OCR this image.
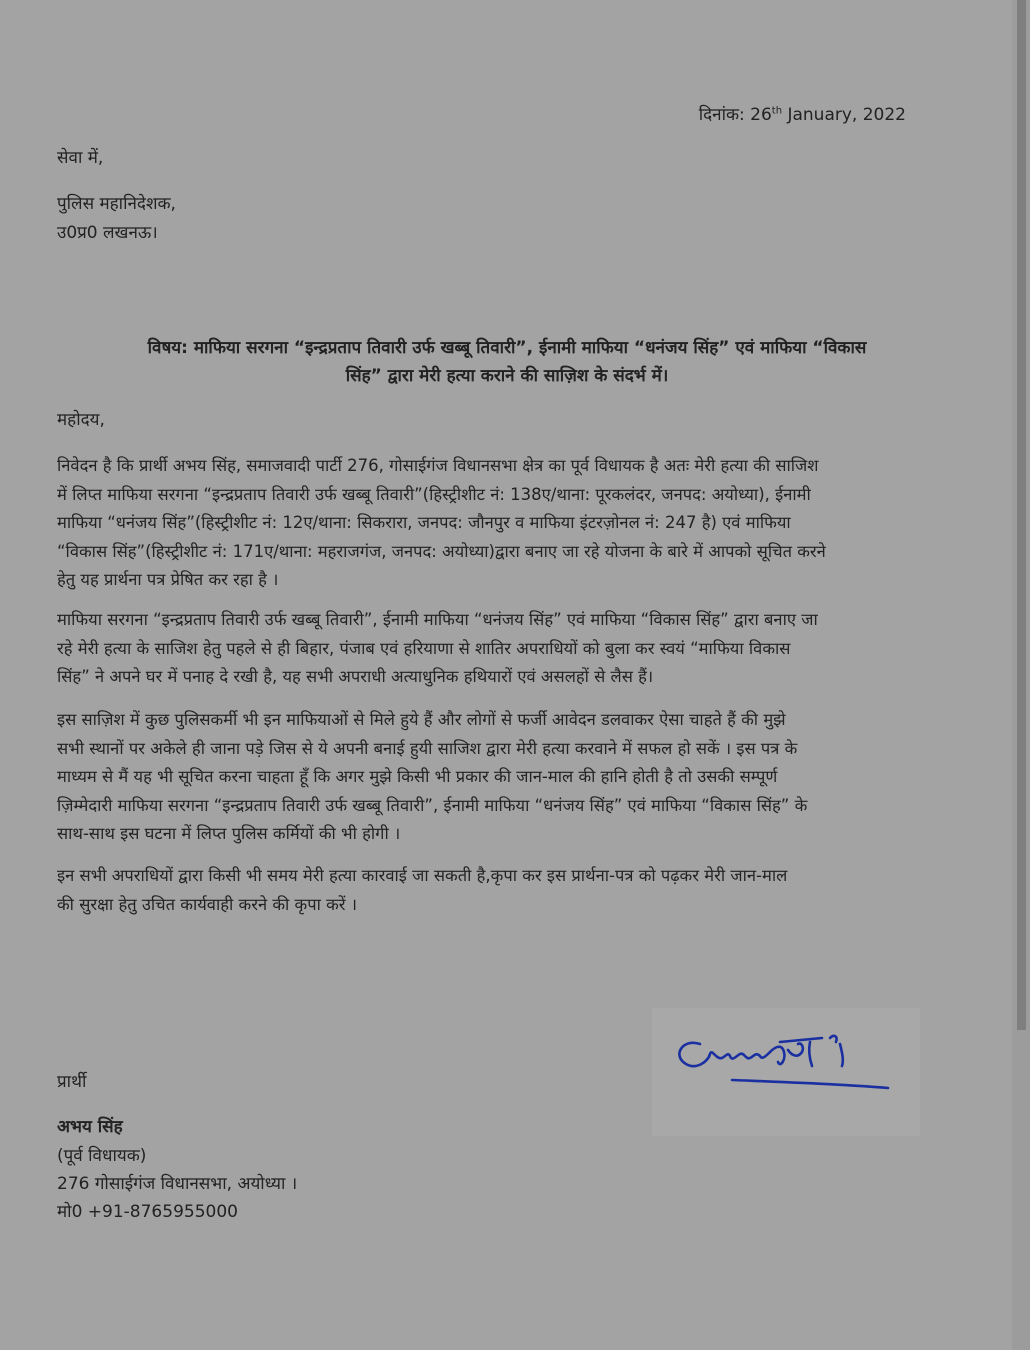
दिनांक: 26th January, 2022
सेवा में,
पुलिस महानिदेशक,
उ0प्र0 लखनऊ।
विषय: माफिया सरगना “इन्द्रप्रताप तिवारी उर्फ खब्बू तिवारी”, ईनामी माफिया “धनंजय सिंह” एवं माफिया “विकास
सिंह” द्वारा मेरी हत्या कराने की साज़िश के संदर्भ में।
महोदय,
निवेदन है कि प्रार्थी अभय सिंह, समाजवादी पार्टी 276, गोसाईगंज विधानसभा क्षेत्र का पूर्व विधायक है अतः मेरी हत्या की साजिश
में लिप्त माफिया सरगना “इन्द्रप्रताप तिवारी उर्फ खब्बू तिवारी”(हिस्ट्रीशीट नं: 138ए/थाना: पूरकलंदर, जनपद: अयोध्या), ईनामी
माफिया “धनंजय सिंह”(हिस्ट्रीशीट नं: 12ए/थाना: सिकरारा, जनपद: जौनपुर व माफिया इंटरज़ोनल नं: 247 है) एवं माफिया
“विकास सिंह”(हिस्ट्रीशीट नं: 171ए/थाना: महराजगंज, जनपद: अयोध्या)द्वारा बनाए जा रहे योजना के बारे में आपको सूचित करने
हेतु यह प्रार्थना पत्र प्रेषित कर रहा है ।
माफिया सरगना “इन्द्रप्रताप तिवारी उर्फ खब्बू तिवारी”, ईनामी माफिया “धनंजय सिंह” एवं माफिया “विकास सिंह” द्वारा बनाए जा
रहे मेरी हत्या के साजिश हेतु पहले से ही बिहार, पंजाब एवं हरियाणा से शातिर अपराधियों को बुला कर स्वयं “माफिया विकास
सिंह” ने अपने घर में पनाह दे रखी है, यह सभी अपराधी अत्याधुनिक हथियारों एवं असलहों से लैस हैं।
इस साज़िश में कुछ पुलिसकर्मी भी इन माफियाओं से मिले हुये हैं और लोगों से फर्जी आवेदन डलवाकर ऐसा चाहते हैं की मुझे
सभी स्थानों पर अकेले ही जाना पड़े जिस से ये अपनी बनाई हुयी साजिश द्वारा मेरी हत्या करवाने में सफल हो सकें । इस पत्र के
माध्यम से मैं यह भी सूचित करना चाहता हूँ कि अगर मुझे किसी भी प्रकार की जान-माल की हानि होती है तो उसकी सम्पूर्ण
ज़िम्मेदारी माफिया सरगना “इन्द्रप्रताप तिवारी उर्फ खब्बू तिवारी”, ईनामी माफिया “धनंजय सिंह” एवं माफिया “विकास सिंह” के
साथ-साथ इस घटना में लिप्त पुलिस कर्मियों की भी होगी ।
इन सभी अपराधियों द्वारा किसी भी समय मेरी हत्या कारवाई जा सकती है,कृपा कर इस प्रार्थना-पत्र को पढ़कर मेरी जान-माल
की सुरक्षा हेतु उचित कार्यवाही करने की कृपा करें ।
प्रार्थी
अभय सिंह
(पूर्व विधायक)
276 गोसाईगंज विधानसभा, अयोध्या ।
मो0 +91-8765955000
